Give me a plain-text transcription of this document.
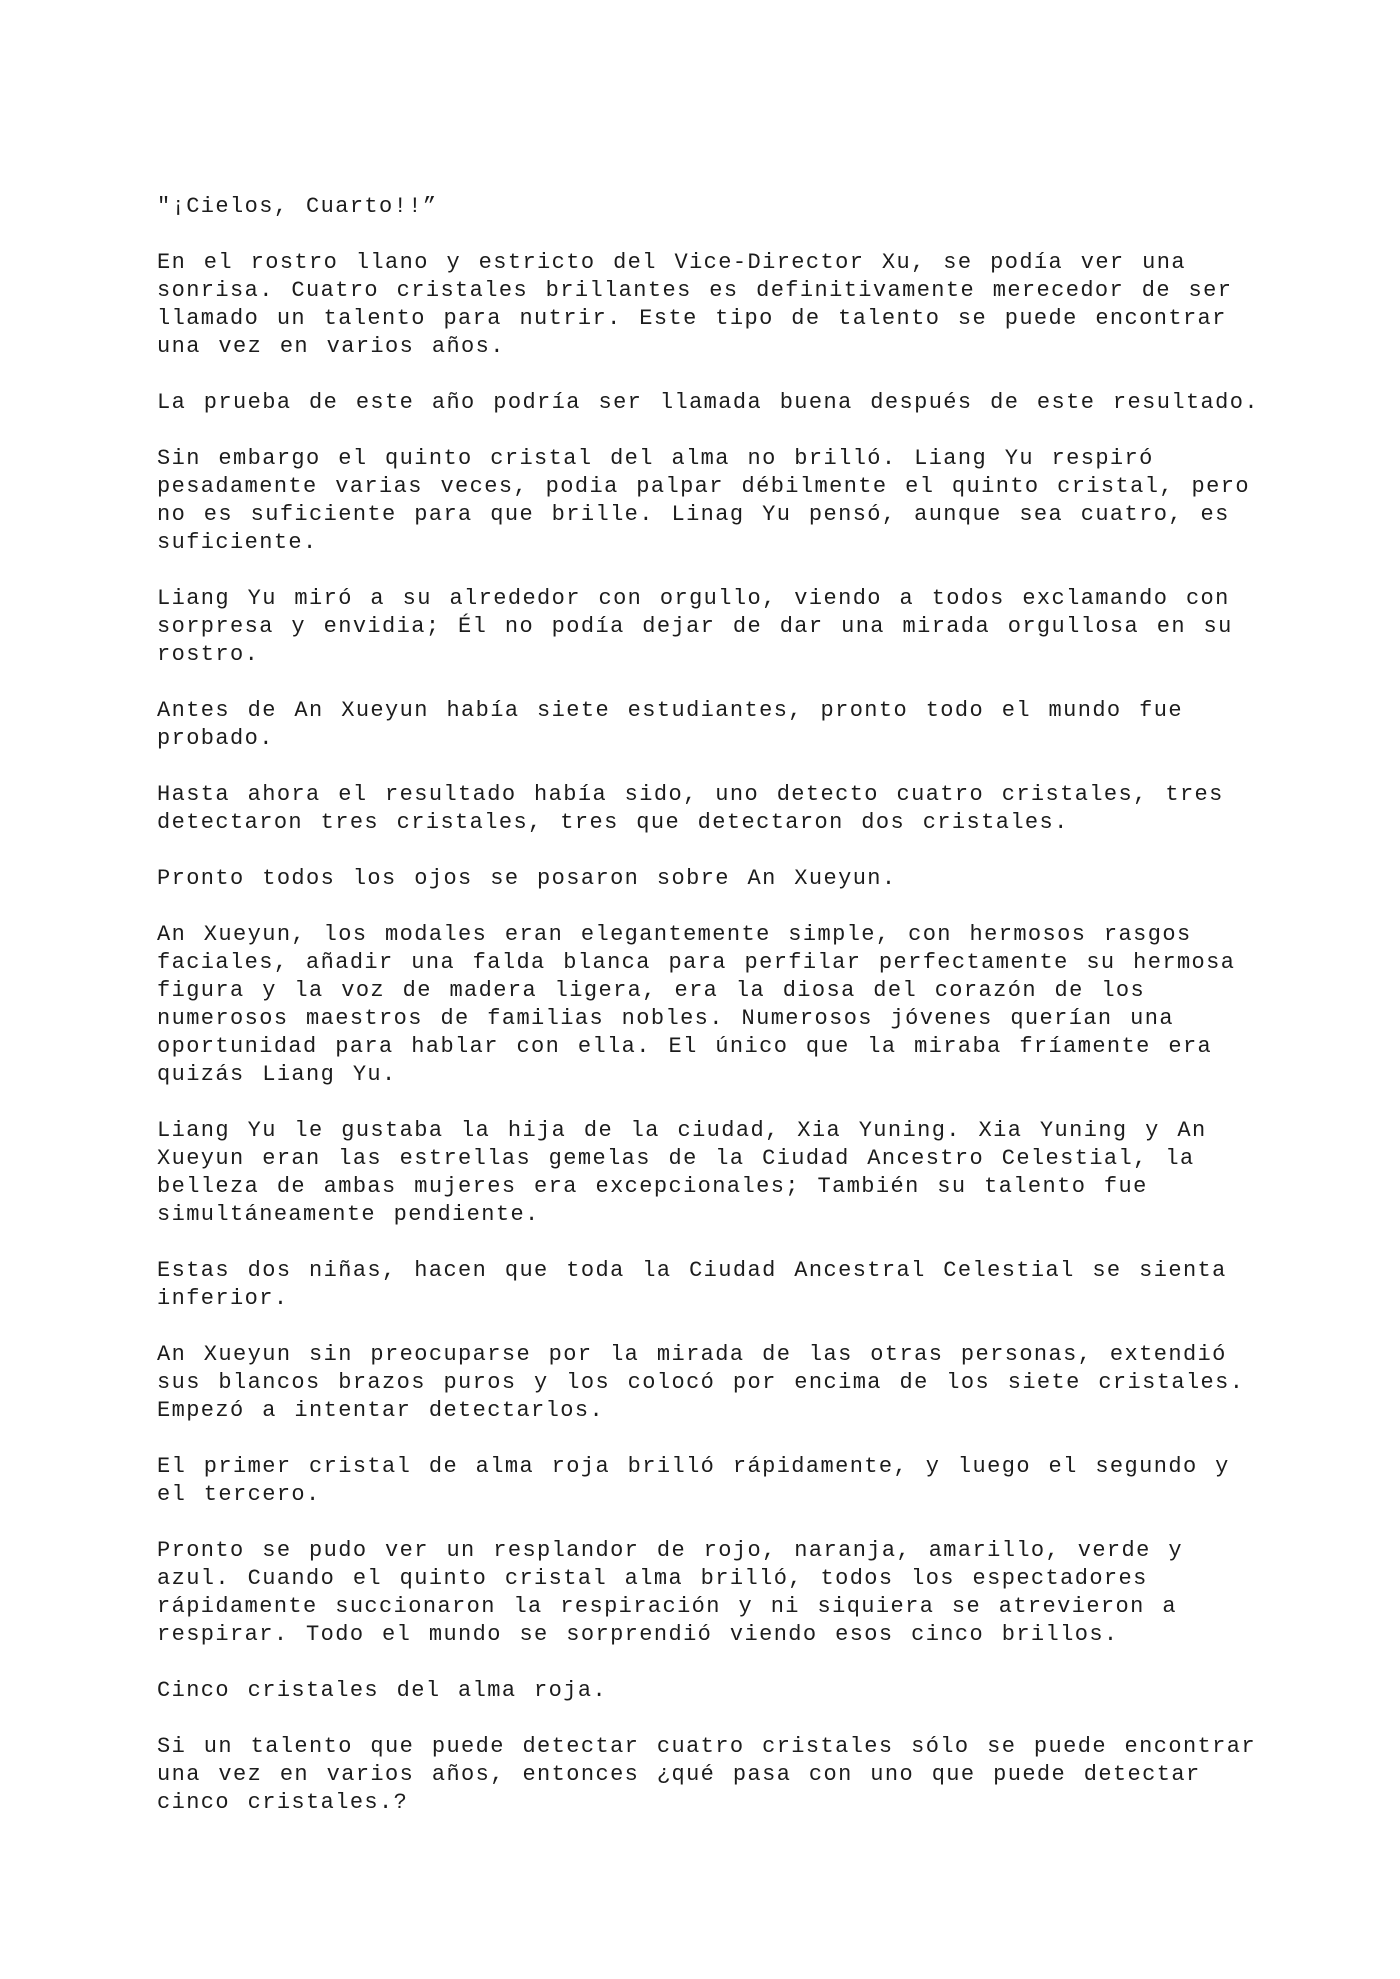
"¡Cielos, Cuarto!!”
En el rostro llano y estricto del Vice-Director Xu, se podía ver una
sonrisa. Cuatro cristales brillantes es definitivamente merecedor de ser
llamado un talento para nutrir. Este tipo de talento se puede encontrar
una vez en varios años.
La prueba de este año podría ser llamada buena después de este resultado.
Sin embargo el quinto cristal del alma no brilló. Liang Yu respiró
pesadamente varias veces, podia palpar débilmente el quinto cristal, pero
no es suficiente para que brille. Linag Yu pensó, aunque sea cuatro, es
suficiente.
Liang Yu miró a su alrededor con orgullo, viendo a todos exclamando con
sorpresa y envidia; Él no podía dejar de dar una mirada orgullosa en su
rostro.
Antes de An Xueyun había siete estudiantes, pronto todo el mundo fue
probado.
Hasta ahora el resultado había sido, uno detecto cuatro cristales, tres
detectaron tres cristales, tres que detectaron dos cristales.
Pronto todos los ojos se posaron sobre An Xueyun.
An Xueyun, los modales eran elegantemente simple, con hermosos rasgos
faciales, añadir una falda blanca para perfilar perfectamente su hermosa
figura y la voz de madera ligera, era la diosa del corazón de los
numerosos maestros de familias nobles. Numerosos jóvenes querían una
oportunidad para hablar con ella. El único que la miraba fríamente era
quizás Liang Yu.
Liang Yu le gustaba la hija de la ciudad, Xia Yuning. Xia Yuning y An
Xueyun eran las estrellas gemelas de la Ciudad Ancestro Celestial, la
belleza de ambas mujeres era excepcionales; También su talento fue
simultáneamente pendiente.
Estas dos niñas, hacen que toda la Ciudad Ancestral Celestial se sienta
inferior.
An Xueyun sin preocuparse por la mirada de las otras personas, extendió
sus blancos brazos puros y los colocó por encima de los siete cristales.
Empezó a intentar detectarlos.
El primer cristal de alma roja brilló rápidamente, y luego el segundo y
el tercero.
Pronto se pudo ver un resplandor de rojo, naranja, amarillo, verde y
azul. Cuando el quinto cristal alma brilló, todos los espectadores
rápidamente succionaron la respiración y ni siquiera se atrevieron a
respirar. Todo el mundo se sorprendió viendo esos cinco brillos.
Cinco cristales del alma roja.
Si un talento que puede detectar cuatro cristales sólo se puede encontrar
una vez en varios años, entonces ¿qué pasa con uno que puede detectar
cinco cristales.?
